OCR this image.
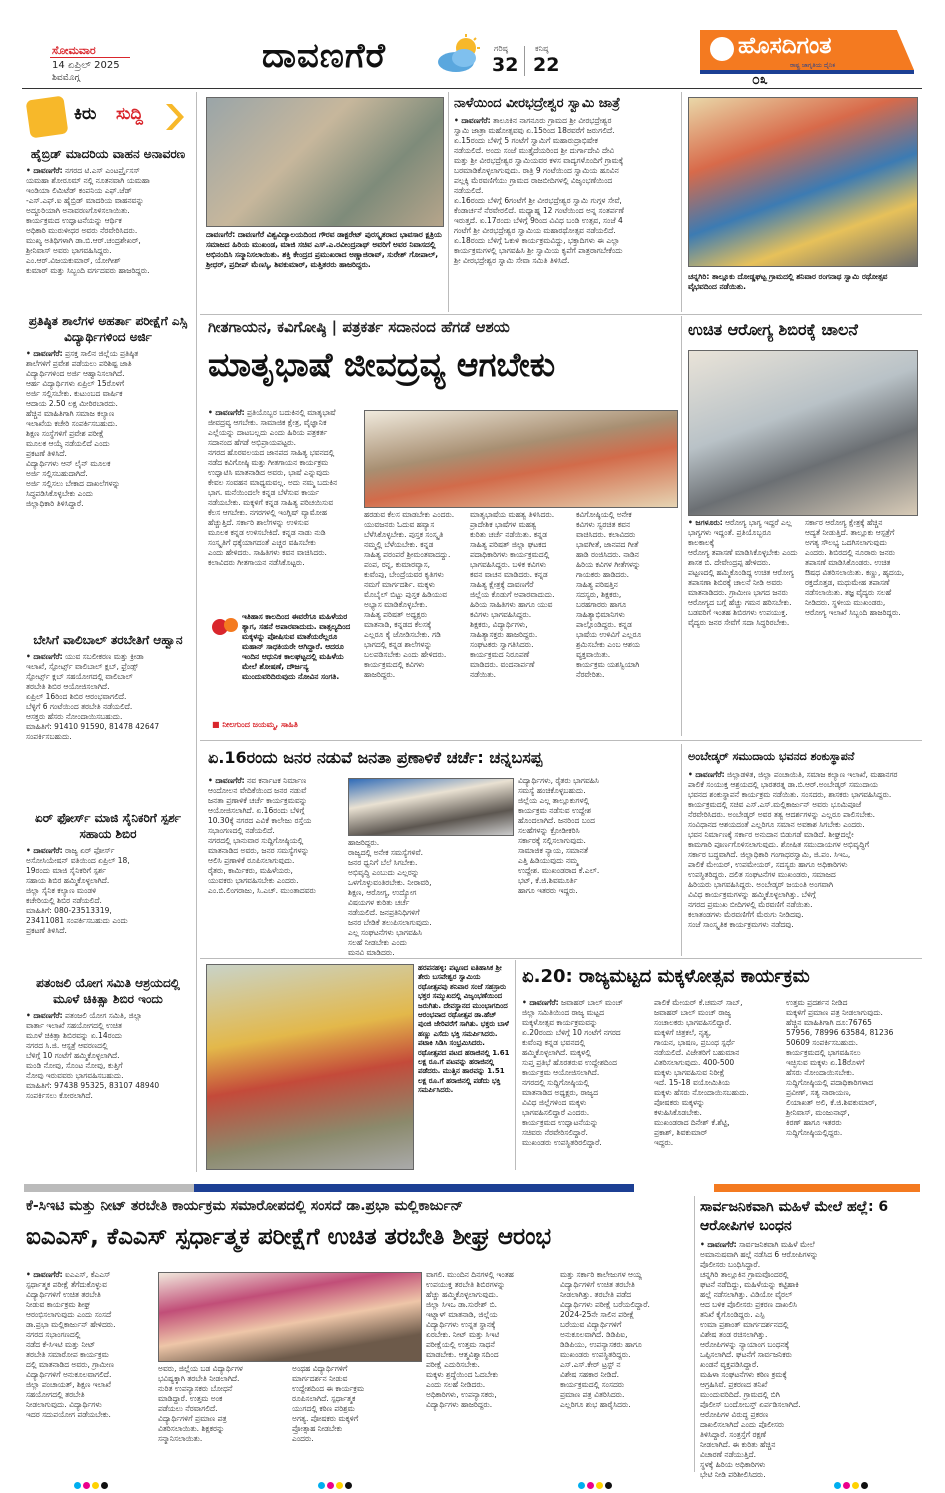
ಸೋಮವಾರ
14 ಏಪ್ರಿಲ್ 2025
ಶಿವಮೊಗ್ಗ
ದಾವಣಗೆರೆ	ಗರಿಷ್ಠ
32
ಕನಿಷ್ಠ
22
ಹೊಸದಿಗಂತ
ರಾಷ್ಟ್ರ ಜಾಗೃತಿಯ ದೈನಿಕ
೦೩
ಕಿರು ಸುದ್ದಿ
ಹೈಬ್ರಿಡ್ ಮಾದರಿಯ ವಾಹನ ಅನಾವರಣ
• ದಾವಣಗೆರೆ: ನಗರದ ಟಿ.ಎಸ್ ಎಂಟರ್ಪ್ರೈಸಸ್
ಯಮಹಾ ಶೋರೂಮ್ ನಲ್ಲಿ ನೂತನವಾಗಿ ಯಮಹಾ
ಇಂಡಿಯಾ ಲಿಮಿಟೆಡ್ ಕಂಪನಿಯ ಎಫ್.ಜೆಡ್
-ಎಸ್.ಎಫ್.ಐ ಹೈಬ್ರಿಡ್ ಮಾದರಿಯ ವಾಹನವನ್ನು
ಅದ್ದೂರಿಯಾಗಿ ಅನಾವರಣಗೊಳಿಸಲಾಯಿತು.
ಕಾರ್ಯಕ್ರಮದ ಉದ್ಘಾಟನೆಯನ್ನು ಆರ್ಥಿಕ
ಅಧಿಕಾರಿ ಮುರುಳೀಧರ ಅವರು ನೆರವೇರಿಸಿದರು.
ಮುಖ್ಯ ಅತಿಥಿಗಳಾಗಿ ಡಾ.ಬಿ.ಆರ್.ಚಂದ್ರಶೇಖರ್,
ಶ್ರೀನಿವಾಸ್ ಅವರು ಭಾಗವಹಿಸಿದ್ದರು.
ಎಂ.ಆರ್.ವಿಜಯಕುಮಾರ್, ಯೋಗೀಶ್
ಕುಮಾರ್ ಮತ್ತು ಸಿಬ್ಬಂದಿ ವರ್ಗದವರು ಹಾಜರಿದ್ದರು.
ಪ್ರತಿಷ್ಠಿತ ಶಾಲೆಗಳ ಅಹರ್ತಾ ಪರೀಕ್ಷೆಗೆ ಎಸ್ಸಿ ವಿದ್ಯಾರ್ಥಿಗಳಿಂದ ಅರ್ಜಿ
• ದಾವಣಗೆರೆ: ಪ್ರಸಕ್ತ ಸಾಲಿನ ಜಿಲ್ಲೆಯ ಪ್ರತಿಷ್ಠಿತ
ಶಾಲೆಗಳಿಗೆ ಪ್ರವೇಶ ಪಡೆಯಲು ಪರಿಶಿಷ್ಟ ಜಾತಿ
ವಿದ್ಯಾರ್ಥಿಗಳಿಂದ ಅರ್ಜಿ ಆಹ್ವಾನಿಸಲಾಗಿದೆ.
ಆರ್ಹ ವಿದ್ಯಾರ್ಥಿಗಳು ಏಪ್ರಿಲ್ 15ರೊಳಗೆ
ಅರ್ಜಿ ಸಲ್ಲಿಸಬೇಕು. ಕುಟುಂಬದ ವಾರ್ಷಿಕ
ಆದಾಯ 2.50 ಲಕ್ಷ ಮೀರಿರಬಾರದು.
ಹೆಚ್ಚಿನ ಮಾಹಿತಿಗಾಗಿ ಸಮಾಜ ಕಲ್ಯಾಣ
ಇಲಾಖೆಯ ಕಚೇರಿ ಸಂಪರ್ಕಿಸಬಹುದು.
ಶಿಕ್ಷಣ ಸಂಸ್ಥೆಗಳಿಗೆ ಪ್ರವೇಶ ಪರೀಕ್ಷೆ
ಮೂಲಕ ಆಯ್ಕೆ ನಡೆಯಲಿದೆ ಎಂದು
ಪ್ರಕಟಣೆ ತಿಳಿಸಿದೆ.
ವಿದ್ಯಾರ್ಥಿಗಳು ಆನ್ ಲೈನ್ ಮೂಲಕ
ಅರ್ಜಿ ಸಲ್ಲಿಸಬಹುದಾಗಿದೆ.
ಅರ್ಜಿ ಸಲ್ಲಿಸಲು ಬೇಕಾದ ದಾಖಲೆಗಳನ್ನು
ಸಿದ್ಧಪಡಿಸಿಕೊಳ್ಳಬೇಕು ಎಂದು
ಜಿಲ್ಲಾಧಿಕಾರಿ ತಿಳಿಸಿದ್ದಾರೆ.
ಬೇಸಿಗೆ ವಾಲಿಬಾಲ್ ತರಬೇತಿಗೆ ಆಹ್ವಾನ
• ದಾವಣಗೆರೆ: ಯುವ ಸಬಲೀಕರಣ ಮತ್ತು ಕ್ರೀಡಾ
ಇಲಾಖೆ, ಸ್ಪೋರ್ಟ್ಸ್ ವಾಲಿಬಾಲ್ ಕ್ಲಬ್, ಫ್ರೆಂಡ್ಸ್
ಸ್ಪೋರ್ಟ್ಸ್ ಕ್ಲಬ್ ಸಹಯೋಗದಲ್ಲಿ ವಾಲಿಬಾಲ್
ತರಬೇತಿ ಶಿಬಿರ ಆಯೋಜಿಸಲಾಗಿದೆ.
ಏಪ್ರಿಲ್ 16ರಿಂದ ಶಿಬಿರ ಆರಂಭವಾಗಲಿದೆ.
ಬೆಳ್ಳಿಗೆ 6 ಗಂಟೆಯಿಂದ ತರಬೇತಿ ನಡೆಯಲಿದೆ.
ಆಸಕ್ತರು ಹೆಸರು ನೋಂದಾಯಿಸಬಹುದು.
ಮಾಹಿತಿಗೆ: 91410 91590, 81478 42647
ಸಂಪರ್ಕಿಸಬಹುದು.
ಏರ್ ಫೋರ್ಸ್ ಮಾಜಿ ಸೈನಿಕರಿಗೆ ಸ್ಪರ್ಶ ಸಹಾಯ ಶಿಬಿರ
• ದಾವಣಗೆರೆ: ರಾಜ್ಯ ಏರ್ ಫೋರ್ಸ್
ಅಸೋಸಿಯೇಷನ್ ವತಿಯಿಂದ ಏಪ್ರಿಲ್ 18,
19ರಂದು ಮಾಜಿ ಸೈನಿಕರಿಗೆ ಸ್ಪರ್ಶ
ಸಹಾಯ ಶಿಬಿರ ಹಮ್ಮಿಕೊಳ್ಳಲಾಗಿದೆ.
ಜಿಲ್ಲಾ ಸೈನಿಕ ಕಲ್ಯಾಣ ಮಂಡಳಿ
ಕಚೇರಿಯಲ್ಲಿ ಶಿಬಿರ ನಡೆಯಲಿದೆ.
ಮಾಹಿತಿಗೆ: 080-23513319,
23411081 ಸಂಪರ್ಕಿಸಬಹುದು ಎಂದು
ಪ್ರಕಟಣೆ ತಿಳಿಸಿದೆ.
ಪತಂಜಲಿ ಯೋಗ ಸಮಿತಿ ಆಶ್ರಯದಲ್ಲಿ ಮೂಳೆ ಚಿಕಿತ್ಸಾ ಶಿಬಿರ ಇಂದು
• ದಾವಣಗೆರೆ: ಪತಂಜಲಿ ಯೋಗ ಸಮಿತಿ, ಜಿಲ್ಲಾ
ವಾರ್ತಾ ಇಲಾಖೆ ಸಹಯೋಗದಲ್ಲಿ ಉಚಿತ
ಮೂಳೆ ಚಿಕಿತ್ಸಾ ಶಿಬಿರವನ್ನು ಏ.14ರಂದು
ನಗರದ ಸಿ.ಜಿ. ಆಸ್ಪತ್ರೆ ಆವರಣದಲ್ಲಿ
ಬೆಳಿಗ್ಗೆ 10 ಗಂಟೆಗೆ ಹಮ್ಮಿಕೊಳ್ಳಲಾಗಿದೆ.
ಮಂಡಿ ನೋವು, ಸೊಂಟ ನೋವು, ಕುತ್ತಿಗೆ
ನೋವು ಇರುವವರು ಭಾಗವಹಿಸಬಹುದು.
ಮಾಹಿತಿಗೆ: 97438 95325, 83107 48940
ಸಂಪರ್ಕಿಸಲು ಕೋರಲಾಗಿದೆ.
ದಾವಣಗೆರೆ: ದಾವಣಗೆರೆ ವಿಶ್ವವಿದ್ಯಾಲಯದಿಂದ ಗೌರವ ಡಾಕ್ಟರೇಟ್ ಪುರಸ್ಕೃತರಾದ ಭಾವಸಾರ ಕ್ಷತ್ರಿಯ ಸಮಾಜದ ಹಿರಿಯ ಮುಖಂಡ, ಮಾಜಿ ಸಚಿವ ಎಸ್.ಎ.ರವೀಂದ್ರನಾಥ್ ಅವರಿಗೆ ಅವರ ನಿವಾಸದಲ್ಲಿ ಅಭಿನಂದಿಸಿ ಸನ್ಮಾನಿಸಲಾಯಿತು. ಶಕ್ತಿ ಕೇಂದ್ರದ ಪ್ರಮುಖರಾದ ಅಣ್ಣಾಜಿರಾವ್, ಸುರೇಶ್ ಗೋಪಾಲ್, ಶ್ರೀಧರ್, ಪ್ರದೀಪ್ ಮೆಣಸ್ಕಿ, ಶಿವಕುಮಾರ್, ಮತ್ತಿತರರು ಹಾಜರಿದ್ದರು.
ನಾಳೆಯಿಂದ ವೀರಭದ್ರೇಶ್ವರ ಸ್ವಾಮಿ ಜಾತ್ರೆ
• ದಾವಣಗೆರೆ: ತಾಲೂಕಿನ ನಾಗನೂರು ಗ್ರಾಮದ ಶ್ರೀ ವೀರಭದ್ರೇಶ್ವರ
ಸ್ವಾಮಿ ಜಾತ್ರಾ ಮಹೋತ್ಸವವು ಏ.15ರಿಂದ 18ರವರೆಗೆ ಜರುಗಲಿದೆ.
ಏ.15ರಂದು ಬೆಳಿಗ್ಗೆ 5 ಗಂಟೆಗೆ ಸ್ವಾಮಿಗೆ ಮಹಾರುದ್ರಾಭಿಷೇಕ
ನಡೆಯಲಿದೆ. ಅಂದು ಸಂಜೆ ಮುತ್ತೈದೆಯರಿಂದ ಶ್ರೀ ದುರ್ಗಾದೇವಿ ದೇವಿ
ಮತ್ತು ಶ್ರೀ ವೀರಭದ್ರೇಶ್ವರ ಸ್ವಾಮಿಯವರ ಕಳಸ ವಾದ್ಯಗಳೊಂದಿಗೆ ಗ್ರಾಮಕ್ಕೆ
ಬರಮಾಡಿಕೊಳ್ಳಲಾಗುವುದು. ರಾತ್ರಿ 9 ಗಂಟೆಯಿಂದ ಸ್ವಾಮಿಯ ಹೂವಿನ
ಪಲ್ಲಕ್ಕಿ ಮೆರವಣಿಗೆಯು ಗ್ರಾಮದ ರಾಜಬೀದಿಗಳಲ್ಲಿ ವಿಜೃಂಭಣೆಯಿಂದ
ನಡೆಯಲಿದೆ.
ಏ.16ರಂದು ಬೆಳಿಗ್ಗೆ 6ಗಂಟೆಗೆ ಶ್ರೀ ವೀರಭದ್ರೇಶ್ವರ ಸ್ವಾಮಿ ಗುಗ್ಗಳ ಸೇವೆ,
ಕೆಂಡಾರ್ಚನೆ ನೆರವೇರಲಿದೆ. ಮಧ್ಯಾಹ್ನ 12 ಗಂಟೆಯಿಂದ ಅನ್ನ ಸಂತರ್ಪಣೆ
ಇರುತ್ತದೆ. ಏ.17ರಂದು ಬೆಳಿಗ್ಗೆ 9ರಿಂದ ವಿವಿಧ ಬಂಡಿ ಉತ್ಸವ, ಸಂಜೆ 4
ಗಂಟೆಗೆ ಶ್ರೀ ವೀರಭದ್ರೇಶ್ವರ ಸ್ವಾಮಿಯ ಮಹಾರಥೋತ್ಸವ ನಡೆಯಲಿದೆ.
ಏ.18ರಂದು ಬೆಳಿಗ್ಗೆ ಓಕುಳಿ ಕಾರ್ಯಕ್ರಮವಿದ್ದು, ಭಕ್ತಾದಿಗಳು ಈ ಎಲ್ಲಾ
ಕಾರ್ಯಕ್ರಮಗಳಲ್ಲಿ ಭಾಗವಹಿಸಿ ಶ್ರೀ ಸ್ವಾಮಿಯ ಕೃಪೆಗೆ ಪಾತ್ರರಾಗಬೇಕೆಂದು
ಶ್ರೀ ವೀರಭದ್ರೇಶ್ವರ ಸ್ವಾಮಿ ಸೇವಾ ಸಮಿತಿ ತಿಳಿಸಿದೆ.
ಚನ್ನಗಿರಿ: ತಾಲ್ಲೂಕು ದೋಡ್ಡಘಟ್ಟ ಗ್ರಾಮದಲ್ಲಿ ಶನಿವಾರ ರಂಗನಾಥ ಸ್ವಾಮಿ ರಥೋತ್ಸವ ವೈಭವದಿಂದ ನಡೆಯಿತು.
ಗೀತಗಾಯನ, ಕವಿಗೋಷ್ಠಿ | ಪತ್ರಕರ್ತ ಸದಾನಂದ ಹೆಗಡೆ ಆಶಯ
ಮಾತೃಭಾಷೆ ಜೀವದ್ರವ್ಯ ಆಗಬೇಕು
• ದಾವಣಗೆರೆ: ಪ್ರತಿಯೊಬ್ಬರ ಬದುಕಿನಲ್ಲಿ ಮಾತೃಭಾಷೆ
ಜೀವದ್ರವ್ಯ ಆಗಬೇಕು. ಸಾಮಾಜಿಕ ಕ್ಷೇತ್ರ, ವೈಜ್ಞಾನಿಕ
ಎಲ್ಲೆಯನ್ನು ದಾಟಬಲ್ಲದು ಎಂದು ಹಿರಿಯ ಪತ್ರಕರ್ತ
ಸದಾನಂದ ಹೆಗಡೆ ಅಭಿಪ್ರಾಯಪಟ್ಟರು.
ನಗರದ ಹೊರವಲಯದ ಜಾನಪದ ಸಾಹಿತ್ಯ ಭವನದಲ್ಲಿ
ನಡೆದ ಕವಿಗೋಷ್ಠಿ ಮತ್ತು ಗೀತಗಾಯನ ಕಾರ್ಯಕ್ರಮ
ಉದ್ಘಾಟಿಸಿ ಮಾತನಾಡಿದ ಅವರು, ಭಾಷೆ ಎನ್ನುವುದು
ಕೇವಲ ಸಂವಹನ ಮಾಧ್ಯಮವಲ್ಲ. ಅದು ನಮ್ಮ ಬದುಕಿನ
ಭಾಗ. ಮನೆಯಿಂದಲೇ ಕನ್ನಡ ಬೆಳೆಸುವ ಕಾರ್ಯ
ನಡೆಯಬೇಕು. ಮಕ್ಕಳಿಗೆ ಕನ್ನಡ ಸಾಹಿತ್ಯ ಪರಿಚಯಿಸುವ
ಕೆಲಸ ಆಗಬೇಕು. ನಗರಗಳಲ್ಲಿ ಇಂಗ್ಲಿಷ್ ವ್ಯಾಮೋಹ
ಹೆಚ್ಚುತ್ತಿದೆ. ಸರ್ಕಾರಿ ಶಾಲೆಗಳನ್ನು ಉಳಿಸುವ
ಮೂಲಕ ಕನ್ನಡ ಉಳಿಸಬೇಕಿದೆ. ಕನ್ನಡ ನಾಡು ನುಡಿ
ಸಂಸ್ಕೃತಿಗೆ ಧಕ್ಕೆಯಾಗದಂತೆ ಎಚ್ಚರ ವಹಿಸಬೇಕು
ಎಂದು ಹೇಳಿದರು. ಸಾಹಿತಿಗಳು ಕವನ ವಾಚಿಸಿದರು.
ಕಲಾವಿದರು ಗೀತಗಾಯನ ನಡೆಸಿಕೊಟ್ಟರು.
ಹರಡುವ ಕೆಲಸ ಮಾಡಬೇಕು ಎಂದರು.
ಯುವಜನರು ಓದುವ ಹವ್ಯಾಸ
ಬೆಳೆಸಿಕೊಳ್ಳಬೇಕು. ಪುಸ್ತಕ ಸಂಸ್ಕೃತಿ
ನಮ್ಮಲ್ಲಿ ಬೆಳೆಯಬೇಕು. ಕನ್ನಡ
ಸಾಹಿತ್ಯ ಪರಂಪರೆ ಶ್ರೀಮಂತವಾದದ್ದು.
ಪಂಪ, ರನ್ನ, ಕುಮಾರವ್ಯಾಸ,
ಕುವೆಂಪು, ಬೇಂದ್ರೆಯವರ ಕೃತಿಗಳು
ನಮಗೆ ಮಾರ್ಗದರ್ಶಿ. ಮಕ್ಕಳು
ಮೊಬೈಲ್ ಬಿಟ್ಟು ಪುಸ್ತಕ ಹಿಡಿಯುವ
ಅಭ್ಯಾಸ ಮಾಡಿಕೊಳ್ಳಬೇಕು.
ಸಾಹಿತ್ಯ ಪರಿಷತ್ ಅಧ್ಯಕ್ಷರು
ಮಾತನಾಡಿ, ಕನ್ನಡದ ಕೆಲಸಕ್ಕೆ
ಎಲ್ಲರೂ ಕೈ ಜೋಡಿಸಬೇಕು. ಗಡಿ
ಭಾಗದಲ್ಲಿ ಕನ್ನಡ ಶಾಲೆಗಳನ್ನು
ಬಲಪಡಿಸಬೇಕು ಎಂದು ಹೇಳಿದರು.
ಕಾರ್ಯಕ್ರಮದಲ್ಲಿ ಕವಿಗಳು
ಹಾಜರಿದ್ದರು.
ಮಾತೃಭಾಷೆಯ ಮಹತ್ವ ತಿಳಿಸಿದರು.
ಪ್ರಾದೇಶಿಕ ಭಾಷೆಗಳ ಮಹತ್ವ
ಕುರಿತು ಚರ್ಚೆ ನಡೆಯಿತು. ಕನ್ನಡ
ಸಾಹಿತ್ಯ ಪರಿಷತ್ ಜಿಲ್ಲಾ ಘಟಕದ
ಪದಾಧಿಕಾರಿಗಳು ಕಾರ್ಯಕ್ರಮದಲ್ಲಿ
ಭಾಗವಹಿಸಿದ್ದರು. ಬಳಿಕ ಕವಿಗಳು
ಕವನ ವಾಚನ ಮಾಡಿದರು. ಕನ್ನಡ
ಸಾಹಿತ್ಯ ಕ್ಷೇತ್ರಕ್ಕೆ ದಾವಣಗೆರೆ
ಜಿಲ್ಲೆಯ ಕೊಡುಗೆ ಅಪಾರವಾದುದು.
ಹಿರಿಯ ಸಾಹಿತಿಗಳು ಹಾಗೂ ಯುವ
ಕವಿಗಳು ಭಾಗವಹಿಸಿದ್ದರು.
ಶಿಕ್ಷಕರು, ವಿದ್ಯಾರ್ಥಿಗಳು,
ಸಾಹಿತ್ಯಾಸಕ್ತರು ಹಾಜರಿದ್ದರು.
ಸಂಘಟಕರು ಸ್ವಾಗತಿಸಿದರು.
ಕಾರ್ಯಕ್ರಮದ ನಿರೂಪಣೆ
ಮಾಡಿದರು. ವಂದನಾರ್ಪಣೆ
ನಡೆಯಿತು.
ಕವಿಗೋಷ್ಠಿಯಲ್ಲಿ ಅನೇಕ
ಕವಿಗಳು ಸ್ವರಚಿತ ಕವನ
ವಾಚಿಸಿದರು. ಕಲಾವಿದರು
ಭಾವಗೀತೆ, ಜಾನಪದ ಗೀತೆ
ಹಾಡಿ ರಂಜಿಸಿದರು. ನಾಡಿನ
ಹಿರಿಯ ಕವಿಗಳ ಗೀತೆಗಳನ್ನು
ಗಾಯಕರು ಹಾಡಿದರು.
ಸಾಹಿತ್ಯ ಪರಿಷತ್ತಿನ
ಸದಸ್ಯರು, ಶಿಕ್ಷಕರು,
ಬರಹಗಾರರು ಹಾಗೂ
ಸಾಹಿತ್ಯಾಭಿಮಾನಿಗಳು
ಪಾಲ್ಗೊಂಡಿದ್ದರು. ಕನ್ನಡ
ಭಾಷೆಯ ಉಳಿವಿಗೆ ಎಲ್ಲರೂ
ಶ್ರಮಿಸಬೇಕು ಎಂಬ ಆಶಯ
ವ್ಯಕ್ತವಾಯಿತು.
ಕಾರ್ಯಕ್ರಮ ಯಶಸ್ವಿಯಾಗಿ
ನೆರವೇರಿತು.
ಇತಿಹಾಸ ಕಾಲದಿಂದ ಈವರೆಗೂ ಮಹಿಳೆಯರ ತ್ಯಾಗ, ಸಹನೆ ಅಪಾರವಾದುದು. ವಾತ್ಸಲ್ಯದಿಂದ ಮಕ್ಕಳನ್ನು ಪೋಷಿಸುವ ಮಾತೆಯರೆಲ್ಲರೂ ಮಹಾನ್ ಸಾಧಕಿಯರೇ ಆಗಿದ್ದಾರೆ. ಆದರೂ ಇಂದಿನ ಆಧುನಿಕ ಕಾಲಘಟ್ಟದಲ್ಲಿ ಮಹಿಳೆಯ ಮೇಲೆ ಶೋಷಣೆ, ದೌರ್ಜನ್ಯ ಮುಂದುವರಿದಿರುವುದು ನೋವಿನ ಸಂಗತಿ.
■ ನೀಲಗುಂದ ಜಯಮ್ಮ, ಸಾಹಿತಿ
ಉಚಿತ ಆರೋಗ್ಯ ಶಿಬಿರಕ್ಕೆ ಚಾಲನೆ
• ಜಗಳೂರು: ಆರೋಗ್ಯ ಭಾಗ್ಯ ಇದ್ದರೆ ಎಲ್ಲ
ಭಾಗ್ಯಗಳು ಇದ್ದಂತೆ. ಪ್ರತಿಯೊಬ್ಬರೂ ಕಾಲಕಾಲಕ್ಕೆ
ಆರೋಗ್ಯ ತಪಾಸಣೆ ಮಾಡಿಸಿಕೊಳ್ಳಬೇಕು ಎಂದು
ಶಾಸಕ ಬಿ. ದೇವೇಂದ್ರಪ್ಪ ಹೇಳಿದರು.
ಪಟ್ಟಣದಲ್ಲಿ ಹಮ್ಮಿಕೊಂಡಿದ್ದ ಉಚಿತ ಆರೋಗ್ಯ
ತಪಾಸಣಾ ಶಿಬಿರಕ್ಕೆ ಚಾಲನೆ ನೀಡಿ ಅವರು
ಮಾತನಾಡಿದರು. ಗ್ರಾಮೀಣ ಭಾಗದ ಜನರು
ಆರೋಗ್ಯದ ಬಗ್ಗೆ ಹೆಚ್ಚು ಗಮನ ಹರಿಸಬೇಕು.
ಬಡವರಿಗೆ ಇಂತಹ ಶಿಬಿರಗಳು ಉಪಯುಕ್ತ.
ವೈದ್ಯರು ಜನರ ಸೇವೆಗೆ ಸದಾ ಸಿದ್ಧರಿರಬೇಕು.
ಸರ್ಕಾರ ಆರೋಗ್ಯ ಕ್ಷೇತ್ರಕ್ಕೆ ಹೆಚ್ಚಿನ
ಆದ್ಯತೆ ನೀಡುತ್ತಿದೆ. ತಾಲ್ಲೂಕು ಆಸ್ಪತ್ರೆಗೆ
ಅಗತ್ಯ ಸೌಲಭ್ಯ ಒದಗಿಸಲಾಗುವುದು
ಎಂದರು. ಶಿಬಿರದಲ್ಲಿ ನೂರಾರು ಜನರು
ತಪಾಸಣೆ ಮಾಡಿಸಿಕೊಂಡರು. ಉಚಿತ
ಔಷಧ ವಿತರಿಸಲಾಯಿತು. ಕಣ್ಣು, ಹೃದಯ,
ರಕ್ತದೊತ್ತಡ, ಮಧುಮೇಹ ತಪಾಸಣೆ
ನಡೆಸಲಾಯಿತು. ತಜ್ಞ ವೈದ್ಯರು ಸಲಹೆ
ನೀಡಿದರು. ಸ್ಥಳೀಯ ಮುಖಂಡರು,
ಆರೋಗ್ಯ ಇಲಾಖೆ ಸಿಬ್ಬಂದಿ ಹಾಜರಿದ್ದರು.
ಏ.16ರಂದು ಜನರ ನಡುವೆ ಜನತಾ ಪ್ರಣಾಳಿಕೆ ಚರ್ಚೆ: ಚನ್ನಬಸಪ್ಪ
• ದಾವಣಗೆರೆ: ನವ ಕರ್ನಾಟಕ ನಿರ್ಮಾಣ
ಆಂದೋಲನ ವೇದಿಕೆಯಿಂದ ಜನರ ನಡುವೆ
ಜನತಾ ಪ್ರಣಾಳಿಕೆ ಚರ್ಚೆ ಕಾರ್ಯಕ್ರಮವನ್ನು
ಆಯೋಜಿಸಲಾಗಿದೆ. ಏ.16ರಂದು ಬೆಳಿಗ್ಗೆ
10.30ಕ್ಕೆ ನಗರದ ಎವಿಕೆ ಕಾಲೇಜು ರಸ್ತೆಯ
ಸಭಾಂಗಣದಲ್ಲಿ ನಡೆಯಲಿದೆ.
ನಗರದಲ್ಲಿ ಭಾನುವಾರ ಸುದ್ದಿಗೋಷ್ಠಿಯಲ್ಲಿ
ಮಾತನಾಡಿದ ಅವರು, ಜನರ ಸಮಸ್ಯೆಗಳನ್ನು
ಆಲಿಸಿ ಪ್ರಣಾಳಿಕೆ ರೂಪಿಸಲಾಗುವುದು.
ರೈತರು, ಕಾರ್ಮಿಕರು, ಮಹಿಳೆಯರು,
ಯುವಕರು ಭಾಗವಹಿಸಬೇಕು ಎಂದರು.
ಎಂ.ಬಿ.ಲಿಂಗರಾಜು, ಸಿ.ಎಚ್. ಮುಂತಾದವರು
ಹಾಜರಿದ್ದರು.
ರಾಜ್ಯದಲ್ಲಿ ಅನೇಕ ಸಮಸ್ಯೆಗಳಿವೆ.
ಜನರ ಧ್ವನಿಗೆ ಬೆಲೆ ಸಿಗಬೇಕು.
ಅಭಿವೃದ್ಧಿ ಎಂಬುದು ಎಲ್ಲರನ್ನು
ಒಳಗೊಳ್ಳುವಂತಿರಬೇಕು. ನೀರಾವರಿ,
ಶಿಕ್ಷಣ, ಆರೋಗ್ಯ, ಉದ್ಯೋಗ
ವಿಷಯಗಳ ಕುರಿತು ಚರ್ಚೆ
ನಡೆಯಲಿದೆ. ಜನಪ್ರತಿನಿಧಿಗಳಿಗೆ
ಜನರ ಬೇಡಿಕೆ ತಲುಪಿಸಲಾಗುವುದು.
ಎಲ್ಲ ಸಂಘಟನೆಗಳು ಭಾಗವಹಿಸಿ
ಸಲಹೆ ನೀಡಬೇಕು ಎಂದು
ಮನವಿ ಮಾಡಿದರು.
ವಿದ್ಯಾರ್ಥಿಗಳು, ರೈತರು ಭಾಗವಹಿಸಿ
ಸಮಸ್ಯೆ ಹಂಚಿಕೊಳ್ಳಬಹುದು.
ಜಿಲ್ಲೆಯ ಎಲ್ಲ ತಾಲ್ಲೂಕುಗಳಲ್ಲಿ
ಕಾರ್ಯಕ್ರಮ ನಡೆಸುವ ಉದ್ದೇಶ
ಹೊಂದಲಾಗಿದೆ. ಜನರಿಂದ ಬಂದ
ಸಲಹೆಗಳನ್ನು ಕ್ರೋಡೀಕರಿಸಿ
ಸರ್ಕಾರಕ್ಕೆ ಸಲ್ಲಿಸಲಾಗುವುದು.
ಸಾಮಾಜಿಕ ನ್ಯಾಯ, ಸಮಾನತೆ
ಎತ್ತಿ ಹಿಡಿಯುವುದು ನಮ್ಮ
ಉದ್ದೇಶ. ಮುಖಂಡರಾದ ಕೆ.ಎಲ್.
ಭಟ್, ಕೆ.ಜಿ.ಶಿವಮೂರ್ತಿ
ಹಾಗೂ ಇತರರು ಇದ್ದರು.
ಅಂಬೇಡ್ಕರ್ ಸಮುದಾಯ ಭವನದ ಶಂಕುಸ್ಥಾಪನೆ
• ದಾವಣಗೆರೆ: ಜಿಲ್ಲಾಡಳಿತ, ಜಿಲ್ಲಾ ಪಂಚಾಯಿತಿ, ಸಮಾಜ ಕಲ್ಯಾಣ ಇಲಾಖೆ, ಮಹಾನಗರ
ಪಾಲಿಕೆ ಸಂಯುಕ್ತ ಆಶ್ರಯದಲ್ಲಿ ಭಾರತರತ್ನ ಡಾ.ಬಿ.ಆರ್.ಅಂಬೇಡ್ಕರ್ ಸಮುದಾಯ
ಭವನದ ಶಂಕುಸ್ಥಾಪನೆ ಕಾರ್ಯಕ್ರಮ ನಡೆಯಿತು. ಸಂಸದರು, ಶಾಸಕರು ಭಾಗವಹಿಸಿದ್ದರು.
ಕಾರ್ಯಕ್ರಮದಲ್ಲಿ ಸಚಿವ ಎಸ್.ಎಸ್.ಮಲ್ಲಿಕಾರ್ಜುನ್ ಅವರು ಭೂಮಿಪೂಜೆ
ನೆರವೇರಿಸಿದರು. ಅಂಬೇಡ್ಕರ್ ಅವರ ತತ್ವ ಆದರ್ಶಗಳನ್ನು ಎಲ್ಲರೂ ಪಾಲಿಸಬೇಕು.
ಸಂವಿಧಾನದ ಆಶಯದಂತೆ ಎಲ್ಲರಿಗೂ ಸಮಾನ ಅವಕಾಶ ಸಿಗಬೇಕು ಎಂದರು.
ಭವನ ನಿರ್ಮಾಣಕ್ಕೆ ಸರ್ಕಾರ ಅನುದಾನ ಬಿಡುಗಡೆ ಮಾಡಿದೆ. ಶೀಘ್ರದಲ್ಲೇ
ಕಾಮಗಾರಿ ಪೂರ್ಣಗೊಳಿಸಲಾಗುವುದು. ಶೋಷಿತ ಸಮುದಾಯಗಳ ಅಭಿವೃದ್ಧಿಗೆ
ಸರ್ಕಾರ ಬದ್ಧವಾಗಿದೆ. ಜಿಲ್ಲಾಧಿಕಾರಿ ಗಂಗಾಧರಸ್ವಾಮಿ, ಜಿ.ಪಂ. ಸಿಇಒ,
ಪಾಲಿಕೆ ಮೇಯರ್, ಉಪಮೇಯರ್, ಸದಸ್ಯರು ಹಾಗೂ ಅಧಿಕಾರಿಗಳು
ಉಪಸ್ಥಿತರಿದ್ದರು. ದಲಿತ ಸಂಘಟನೆಗಳ ಮುಖಂಡರು, ಸಮಾಜದ
ಹಿರಿಯರು ಭಾಗವಹಿಸಿದ್ದರು. ಅಂಬೇಡ್ಕರ್ ಜಯಂತಿ ಅಂಗವಾಗಿ
ವಿವಿಧ ಕಾರ್ಯಕ್ರಮಗಳನ್ನು ಹಮ್ಮಿಕೊಳ್ಳಲಾಗಿತ್ತು. ಬೆಳಿಗ್ಗೆ
ನಗರದ ಪ್ರಮುಖ ಬೀದಿಗಳಲ್ಲಿ ಮೆರವಣಿಗೆ ನಡೆಯಿತು.
ಕಲಾತಂಡಗಳು ಮೆರವಣಿಗೆಗೆ ಮೆರುಗು ನೀಡಿದವು.
ಸಂಜೆ ಸಾಂಸ್ಕೃತಿಕ ಕಾರ್ಯಕ್ರಮಗಳು ನಡೆದವು.
ಹರಪನಹಳ್ಳಿ: ಪಟ್ಟಣದ ಐತಿಹಾಸಿಕ ಶ್ರೀ ತೇರು ಬಸವೇಶ್ವರ ಸ್ವಾಮಿಯ ರಥೋತ್ಸವವು ಶನಿವಾರ ಸಂಜೆ ಸಹಸ್ರಾರು ಭಕ್ತರ ಸಮ್ಮುಖದಲ್ಲಿ ವಿಜೃಂಭಣೆಯಿಂದ ಜರುಗಿತು. ದೇವಸ್ಥಾನದ ಮುಂಭಾಗದಿಂದ ಆರಂಭವಾದ ರಥೋತ್ಸವ ಡಾ.ಹೆಚ್ ಪುಂಜಿ ಜೇರಿವರೆಗೆ ಸಾಗಿತು. ಭಕ್ತರು ಬಾಳೆ ಹಣ್ಣು ಎಸೆದು ಭಕ್ತಿ ಸಮರ್ಪಿಸಿದರು. ಪಟಾಕಿ ಸಿಡಿಸಿ ಸಂಭ್ರಮಿಸಿದರು. ರಥೋತ್ಸವದ ಪಟದ ಹರಾಜಿನಲ್ಲಿ 1.61 ಲಕ್ಷ ರೂ.ಗೆ ಪಟವನ್ನು ಹರಾಜಿನಲ್ಲಿ ಪಡೆದರು. ಮುತ್ತಿನ ಹಾರವನ್ನು 1.51 ಲಕ್ಷ ರೂ.ಗೆ ಹರಾಜಿನಲ್ಲಿ ಪಡೆದು ಭಕ್ತಿ ಸಮರ್ಪಿಸಿದರು.
ಏ.20: ರಾಜ್ಯಮಟ್ಟದ ಮಕ್ಕಳೋತ್ಸವ ಕಾರ್ಯಕ್ರಮ
• ದಾವಣಗೆರೆ: ಜವಾಹರ್ ಬಾಲ್ ಮಂಚ್
ಜಿಲ್ಲಾ ಸಮಿತಿಯಿಂದ ರಾಜ್ಯ ಮಟ್ಟದ
ಮಕ್ಕಳೋತ್ಸವ ಕಾರ್ಯಕ್ರಮವನ್ನು
ಏ.20ರಂದು ಬೆಳಿಗ್ಗೆ 10 ಗಂಟೆಗೆ ನಗರದ
ಕುವೆಂಪು ಕನ್ನಡ ಭವನದಲ್ಲಿ
ಹಮ್ಮಿಕೊಳ್ಳಲಾಗಿದೆ. ಮಕ್ಕಳಲ್ಲಿ
ಸುಪ್ತ ಪ್ರತಿಭೆ ಹೊರತರುವ ಉದ್ದೇಶದಿಂದ
ಕಾರ್ಯಕ್ರಮ ಆಯೋಜಿಸಲಾಗಿದೆ.
ನಗರದಲ್ಲಿ ಸುದ್ದಿಗೋಷ್ಠಿಯಲ್ಲಿ
ಮಾತನಾಡಿದ ಅಧ್ಯಕ್ಷರು, ರಾಜ್ಯದ
ವಿವಿಧ ಜಿಲ್ಲೆಗಳಿಂದ ಮಕ್ಕಳು
ಭಾಗವಹಿಸಲಿದ್ದಾರೆ ಎಂದರು.
ಕಾರ್ಯಕ್ರಮದ ಉದ್ಘಾಟನೆಯನ್ನು
ಸಚಿವರು ನೆರವೇರಿಸಲಿದ್ದಾರೆ.
ಮುಖಂಡರು ಉಪಸ್ಥಿತರಿರಲಿದ್ದಾರೆ.
ಪಾಲಿಕೆ ಮೇಯರ್ ಕೆ.ಚಮನ್ ಸಾಬ್,
ಜವಾಹರ್ ಬಾಲ್ ಮಂಚ್ ರಾಜ್ಯ
ಸಂಚಾಲಕರು ಭಾಗವಹಿಸಲಿದ್ದಾರೆ.
ಮಕ್ಕಳಿಗೆ ಚಿತ್ರಕಲೆ, ನೃತ್ಯ,
ಗಾಯನ, ಭಾಷಣ, ಪ್ರಬಂಧ ಸ್ಪರ್ಧೆ
ನಡೆಯಲಿದೆ. ವಿಜೇತರಿಗೆ ಬಹುಮಾನ
ವಿತರಿಸಲಾಗುವುದು. 400-500
ಮಕ್ಕಳು ಭಾಗವಹಿಸುವ ನಿರೀಕ್ಷೆ
ಇದೆ. 15-18 ವಯೋಮಿತಿಯ
ಮಕ್ಕಳು ಹೆಸರು ನೋಂದಾಯಿಸಬಹುದು.
ಪೋಷಕರು ಮಕ್ಕಳನ್ನು
ಕಳುಹಿಸಿಕೊಡಬೇಕು.
ಮುಖಂಡರಾದ ದಿನೇಶ್ ಕೆ.ಶೆಟ್ಟಿ,
ಪ್ರಕಾಶ್, ಶಿವಕುಮಾರ್
ಇದ್ದರು.
ಉತ್ತಮ ಪ್ರದರ್ಶನ ನೀಡಿದ
ಮಕ್ಕಳಿಗೆ ಪ್ರಮಾಣ ಪತ್ರ ನೀಡಲಾಗುವುದು.
ಹೆಚ್ಚಿನ ಮಾಹಿತಿಗಾಗಿ ದೂ:76765
57956, 78996 63584, 81236
50609 ಸಂಪರ್ಕಿಸಬಹುದು.
ಕಾರ್ಯಕ್ರಮದಲ್ಲಿ ಭಾಗವಹಿಸಲು
ಇಚ್ಛಿಸುವ ಮಕ್ಕಳು ಏ.18ರೊಳಗೆ
ಹೆಸರು ನೋಂದಾಯಿಸಬೇಕು.
ಸುದ್ದಿಗೋಷ್ಠಿಯಲ್ಲಿ ಪದಾಧಿಕಾರಿಗಳಾದ
ಪ್ರವೀಣ್, ಸತ್ಯ ನಾರಾಯಣ,
ಲಿಯಾಖತ್ ಅಲಿ, ಕೆ.ಜಿ.ಶಿವಕುಮಾರ್,
ಶ್ರೀನಿವಾಸ್, ಮಂಜುನಾಥ್,
ಕಿರಣ್ ಹಾಗೂ ಇತರರು
ಸುದ್ದಿಗೋಷ್ಠಿಯಲ್ಲಿದ್ದರು.
ಕೆ-ಸಿಇಟಿ ಮತ್ತು ನೀಟ್ ತರಬೇತಿ ಕಾರ್ಯಕ್ರಮ ಸಮಾರೋಪದಲ್ಲಿ ಸಂಸದೆ ಡಾ.ಪ್ರಭಾ ಮಲ್ಲಿಕಾರ್ಜುನ್
ಐಎಎಸ್, ಕೆಎಎಸ್ ಸ್ಪರ್ಧಾತ್ಮಕ ಪರೀಕ್ಷೆಗೆ ಉಚಿತ ತರಬೇತಿ ಶೀಘ್ರ ಆರಂಭ
• ದಾವಣಗೆರೆ: ಐಎಎಸ್, ಕೆಎಎಸ್
ಸ್ಪರ್ಧಾತ್ಮಕ ಪರೀಕ್ಷೆ ತೆಗೆದುಕೊಳ್ಳುವ
ವಿದ್ಯಾರ್ಥಿಗಳಿಗೆ ಉಚಿತ ತರಬೇತಿ
ನೀಡುವ ಕಾರ್ಯಕ್ರಮ ಶೀಘ್ರ
ಆರಂಭಿಸಲಾಗುವುದು ಎಂದು ಸಂಸದೆ
ಡಾ.ಪ್ರಭಾ ಮಲ್ಲಿಕಾರ್ಜುನ್ ಹೇಳಿದರು.
ನಗರದ ಸಭಾಂಗಣದಲ್ಲಿ
ನಡೆದ ಕೆ-ಸಿಇಟಿ ಮತ್ತು ನೀಟ್
ತರಬೇತಿ ಸಮಾರೋಪ ಕಾರ್ಯಕ್ರಮ
ದಲ್ಲಿ ಮಾತನಾಡಿದ ಅವರು, ಗ್ರಾಮೀಣ
ವಿದ್ಯಾರ್ಥಿಗಳಿಗೆ ಅನುಕೂಲವಾಗಲಿದೆ.
ಜಿಲ್ಲಾ ಪಂಚಾಯತ್, ಶಿಕ್ಷಣ ಇಲಾಖೆ
ಸಹಯೋಗದಲ್ಲಿ ತರಬೇತಿ
ನೀಡಲಾಗುವುದು. ವಿದ್ಯಾರ್ಥಿಗಳು
ಇದರ ಸದುಪಯೋಗ ಪಡೆಯಬೇಕು.
ಅವರು, ಜಿಲ್ಲೆಯ ಬಡ ವಿದ್ಯಾರ್ಥಿಗಳ
ಭವಿಷ್ಯಕ್ಕಾಗಿ ತರಬೇತಿ ನೀಡಲಾಗಿದೆ.
ನುರಿತ ಉಪನ್ಯಾಸಕರು ಬೋಧನೆ
ಮಾಡಿದ್ದಾರೆ. ಉತ್ತಮ ಅಂಕ
ಪಡೆಯಲು ನೆರವಾಗಲಿದೆ.
ವಿದ್ಯಾರ್ಥಿಗಳಿಗೆ ಪ್ರಮಾಣ ಪತ್ರ
ವಿತರಿಸಲಾಯಿತು. ಶಿಕ್ಷಕರನ್ನು
ಸನ್ಮಾನಿಸಲಾಯಿತು.
ಅಂಥಹ ವಿದ್ಯಾರ್ಥಿಗಳಿಗೆ
ಮಾರ್ಗದರ್ಶನ ನೀಡುವ
ಉದ್ದೇಶದಿಂದ ಈ ಕಾರ್ಯಕ್ರಮ
ರೂಪಿಸಲಾಗಿದೆ. ಸ್ಪರ್ಧಾತ್ಮಕ
ಯುಗದಲ್ಲಿ ಕಠಿಣ ಪರಿಶ್ರಮ
ಅಗತ್ಯ. ಪೋಷಕರು ಮಕ್ಕಳಿಗೆ
ಪ್ರೋತ್ಸಾಹ ನೀಡಬೇಕು
ಎಂದರು.
ವಾಗಲಿ. ಮುಂದಿನ ದಿನಗಳಲ್ಲಿ ಇಂತಹ
ಉಪಯುಕ್ತ ತರಬೇತಿ ಶಿಬಿರಗಳನ್ನು
ಹೆಚ್ಚು ಹಮ್ಮಿಕೊಳ್ಳಲಾಗುವುದು.
ಜಿಲ್ಲಾ ಸಿಇಒ ಡಾ.ಸುರೇಶ್ ಬಿ.
ಇಟ್ನಾಳ್ ಮಾತನಾಡಿ, ಜಿಲ್ಲೆಯ
ವಿದ್ಯಾರ್ಥಿಗಳು ಉನ್ನತ ಸ್ಥಾನಕ್ಕೆ
ಏರಬೇಕು. ನೀಟ್ ಮತ್ತು ಸಿಇಟಿ
ಪರೀಕ್ಷೆಯಲ್ಲಿ ಉತ್ತಮ ಸಾಧನೆ
ಮಾಡಬೇಕು. ಆತ್ಮವಿಶ್ವಾಸದಿಂದ
ಪರೀಕ್ಷೆ ಎದುರಿಸಬೇಕು.
ಮಕ್ಕಳು ಶ್ರದ್ಧೆಯಿಂದ ಓದಬೇಕು
ಎಂದು ಸಲಹೆ ನೀಡಿದರು.
ಅಧಿಕಾರಿಗಳು, ಉಪನ್ಯಾಸಕರು,
ವಿದ್ಯಾರ್ಥಿಗಳು ಹಾಜರಿದ್ದರು.
ಮತ್ತು ಸರ್ಕಾರಿ ಕಾಲೇಜುಗಳ ಆಯ್ದ
ವಿದ್ಯಾರ್ಥಿಗಳಿಗೆ ಉಚಿತ ತರಬೇತಿ
ನೀಡಲಾಗಿತ್ತು. ತರಬೇತಿ ಪಡೆದ
ವಿದ್ಯಾರ್ಥಿಗಳು ಪರೀಕ್ಷೆ ಬರೆಯಲಿದ್ದಾರೆ.
2024-25ನೇ ಸಾಲಿನ ಪರೀಕ್ಷೆ
ಬರೆಯುವ ವಿದ್ಯಾರ್ಥಿಗಳಿಗೆ
ಅನುಕೂಲವಾಗಿದೆ. ಡಿಡಿಪಿಐ,
ಡಿಡಿಪಿಯು, ಉಪನ್ಯಾಸಕರು ಹಾಗೂ
ಮುಖಂಡರು ಉಪಸ್ಥಿತರಿದ್ದರು.
ಎಸ್.ಎಸ್.ಕೇರ್ ಟ್ರಸ್ಟ್ ನ
ವಿಶೇಷ ಸಹಕಾರ ನೀಡಿದೆ.
ಕಾರ್ಯಕ್ರಮದಲ್ಲಿ ಸಂಸದರು
ಪ್ರಮಾಣ ಪತ್ರ ವಿತರಿಸಿದರು.
ಎಲ್ಲರಿಗೂ ಶುಭ ಹಾರೈಸಿದರು.
ಸಾರ್ವಜನಿಕವಾಗಿ ಮಹಿಳೆ ಮೇಲೆ ಹಲ್ಲೆ: 6 ಆರೋಪಿಗಳ ಬಂಧನ
• ದಾವಣಗೆರೆ: ಸಾರ್ವಜನಿಕವಾಗಿ ಮಹಿಳೆ ಮೇಲೆ
ಅಮಾನುಷವಾಗಿ ಹಲ್ಲೆ ನಡೆಸಿದ 6 ಆರೋಪಿಗಳನ್ನು
ಪೊಲೀಸರು ಬಂಧಿಸಿದ್ದಾರೆ.
ಚನ್ನಗಿರಿ ತಾಲ್ಲೂಕಿನ ಗ್ರಾಮವೊಂದರಲ್ಲಿ
ಘಟನೆ ನಡೆದಿದ್ದು, ಮಹಿಳೆಯನ್ನು ಕಟ್ಟಿಹಾಕಿ
ಹಲ್ಲೆ ನಡೆಸಲಾಗಿತ್ತು. ವಿಡಿಯೋ ವೈರಲ್
ಆದ ಬಳಿಕ ಪೊಲೀಸರು ಪ್ರಕರಣ ದಾಖಲಿಸಿ
ತನಿಖೆ ಕೈಗೊಂಡಿದ್ದರು. ಎಸ್ಪಿ
ಉಮಾ ಪ್ರಶಾಂತ್ ಮಾರ್ಗದರ್ಶನದಲ್ಲಿ
ವಿಶೇಷ ತಂಡ ರಚಿಸಲಾಗಿತ್ತು.
ಆರೋಪಿಗಳನ್ನು ನ್ಯಾಯಾಂಗ ಬಂಧನಕ್ಕೆ
ಒಪ್ಪಿಸಲಾಗಿದೆ. ಘಟನೆಗೆ ಸಾರ್ವಜನಿಕರು
ಖಂಡನೆ ವ್ಯಕ್ತಪಡಿಸಿದ್ದಾರೆ.
ಮಹಿಳಾ ಸಂಘಟನೆಗಳು ಕಠಿಣ ಕ್ರಮಕ್ಕೆ
ಆಗ್ರಹಿಸಿವೆ. ಪ್ರಕರಣದ ತನಿಖೆ
ಮುಂದುವರಿದಿದೆ. ಗ್ರಾಮದಲ್ಲಿ ಬಿಗಿ
ಪೊಲೀಸ್ ಬಂದೋಬಸ್ತ್ ಏರ್ಪಡಿಸಲಾಗಿದೆ.
ಆರೋಪಿಗಳ ವಿರುದ್ಧ ಪ್ರಕರಣ
ದಾಖಲಿಸಲಾಗಿದೆ ಎಂದು ಪೊಲೀಸರು
ತಿಳಿಸಿದ್ದಾರೆ. ಸಂತ್ರಸ್ತೆಗೆ ರಕ್ಷಣೆ
ನೀಡಲಾಗಿದೆ. ಈ ಕುರಿತು ಹೆಚ್ಚಿನ
ವಿಚಾರಣೆ ನಡೆಯುತ್ತಿದೆ.
ಸ್ಥಳಕ್ಕೆ ಹಿರಿಯ ಅಧಿಕಾರಿಗಳು
ಭೇಟಿ ನೀಡಿ ಪರಿಶೀಲಿಸಿದರು.
